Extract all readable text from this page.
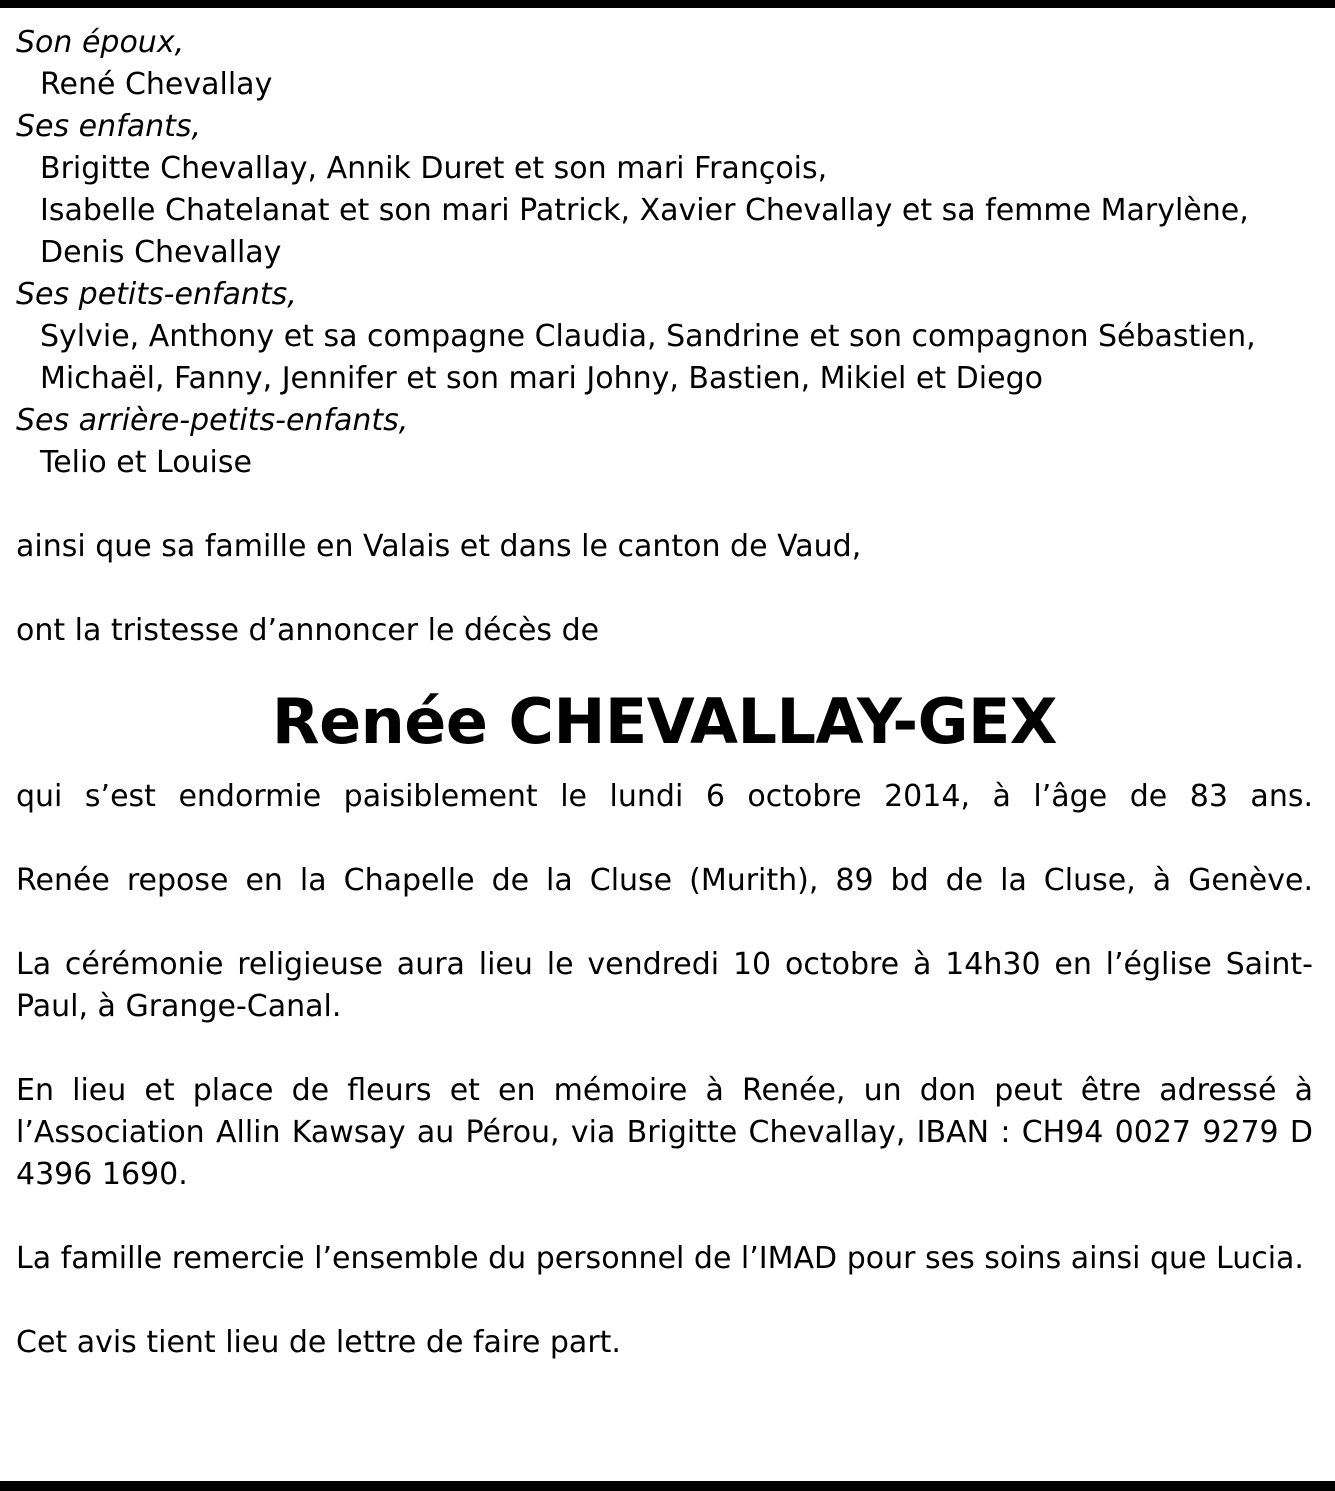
Son époux,

René Chevallay

Ses enfants,

Brigitte Chevallay, Annik Duret et son mari François,

Isabelle Chatelanat et son mari Patrick, Xavier Chevallay et sa femme Marylène,

Denis Chevallay

Ses petits-enfants,

Sylvie, Anthony et sa compagne Claudia, Sandrine et son compagnon Sébastien,

Michaël, Fanny, Jennifer et son mari Johny, Bastien, Mikiel et Diego

Ses arrière-petits-enfants,

Telio et Louise

ainsi que sa famille en Valais et dans le canton de Vaud,

ont la tristesse d’annoncer le décès de

Renée CHEVALLAY-GEX

qui s’est endormie paisiblement le lundi 6 octobre 2014, à l’âge de 83 ans.

Renée repose en la Chapelle de la Cluse (Murith), 89 bd de la Cluse, à Genève.

La cérémonie religieuse aura lieu le vendredi 10 octobre à 14h30 en l’église Saint-Paul, à Grange-Canal.

En lieu et place de fleurs et en mémoire à Renée, un don peut être adressé à l’Association Allin Kawsay au Pérou, via Brigitte Chevallay, IBAN : CH94 0027 9279 D 4396 1690.

La famille remercie l’ensemble du personnel de l’IMAD pour ses soins ainsi que Lucia.

Cet avis tient lieu de lettre de faire part.
